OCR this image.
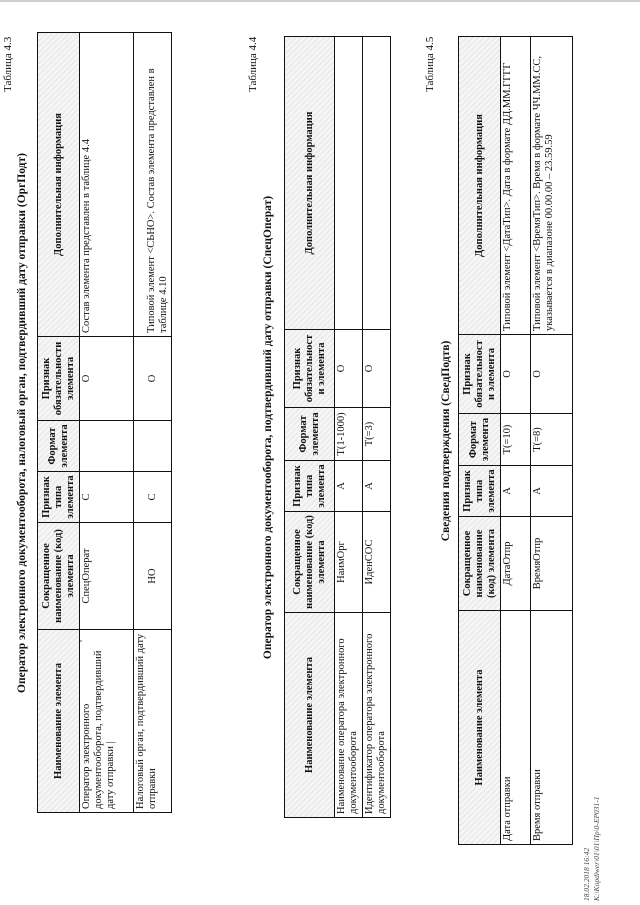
Таблица 4.3
Оператор электронного документооборота, налоговый орган, подтвердивший дату отправки (ОргПодт)
Наименование элемента	Сокращенное наименование (код) элемента	Признак типа элемента	Формат элемента	Признак обязательности элемента	Дополнительная информация
Оператор электронного документооборота, подтвердивший дату отправки |	СпецОперат	С		О	Состав элемента представлен в таблице 4.4
Налоговый орган, подтвердивший дату отправки	НО	С		О	Типовой элемент <СЬНО>. Состав элемента представлен в таблице 4.10
Таблица 4.4
Оператор электронного документооборота, подтвердивший дату отправки (СпецОперат)
Наименование элемента	Сокращенное наименование (код) элемента	Признак типа элемента	Формат элемента	Признак обязательности элемента	Дополнительная информация
Наименование оператора электронного документооборота	НаимОрг	А	Т(1-1000)	О	
Идентификатор оператора электронного документооборота	ИденСОС	А	Т(=3)	О	
Таблица 4.5
Сведения подтверждения (СведПодтв)
Наименование элемента	Сокращенное наименование (код) элемента	Признак типа элемента	Формат элемента	Признак обязательности элемента	Дополнительная информация
Дата отправки	ДатаОтпр	А	Т(=10)	О	Типовой элемент <ДатаТип>. Дата в формате ДД.ММ.ГГГГ
Время отправки	ВремяОтпр	А	Т(=8)	О	Типовой элемент <ВремяТип>. Время в формате ЧЧ.ММ.СС, указывается в диапазоне 00.00.00 – 23.59.59
18.02.2018 16:42 К:\Kopdiwer\01\01\Пр\0-ЕР031-1
